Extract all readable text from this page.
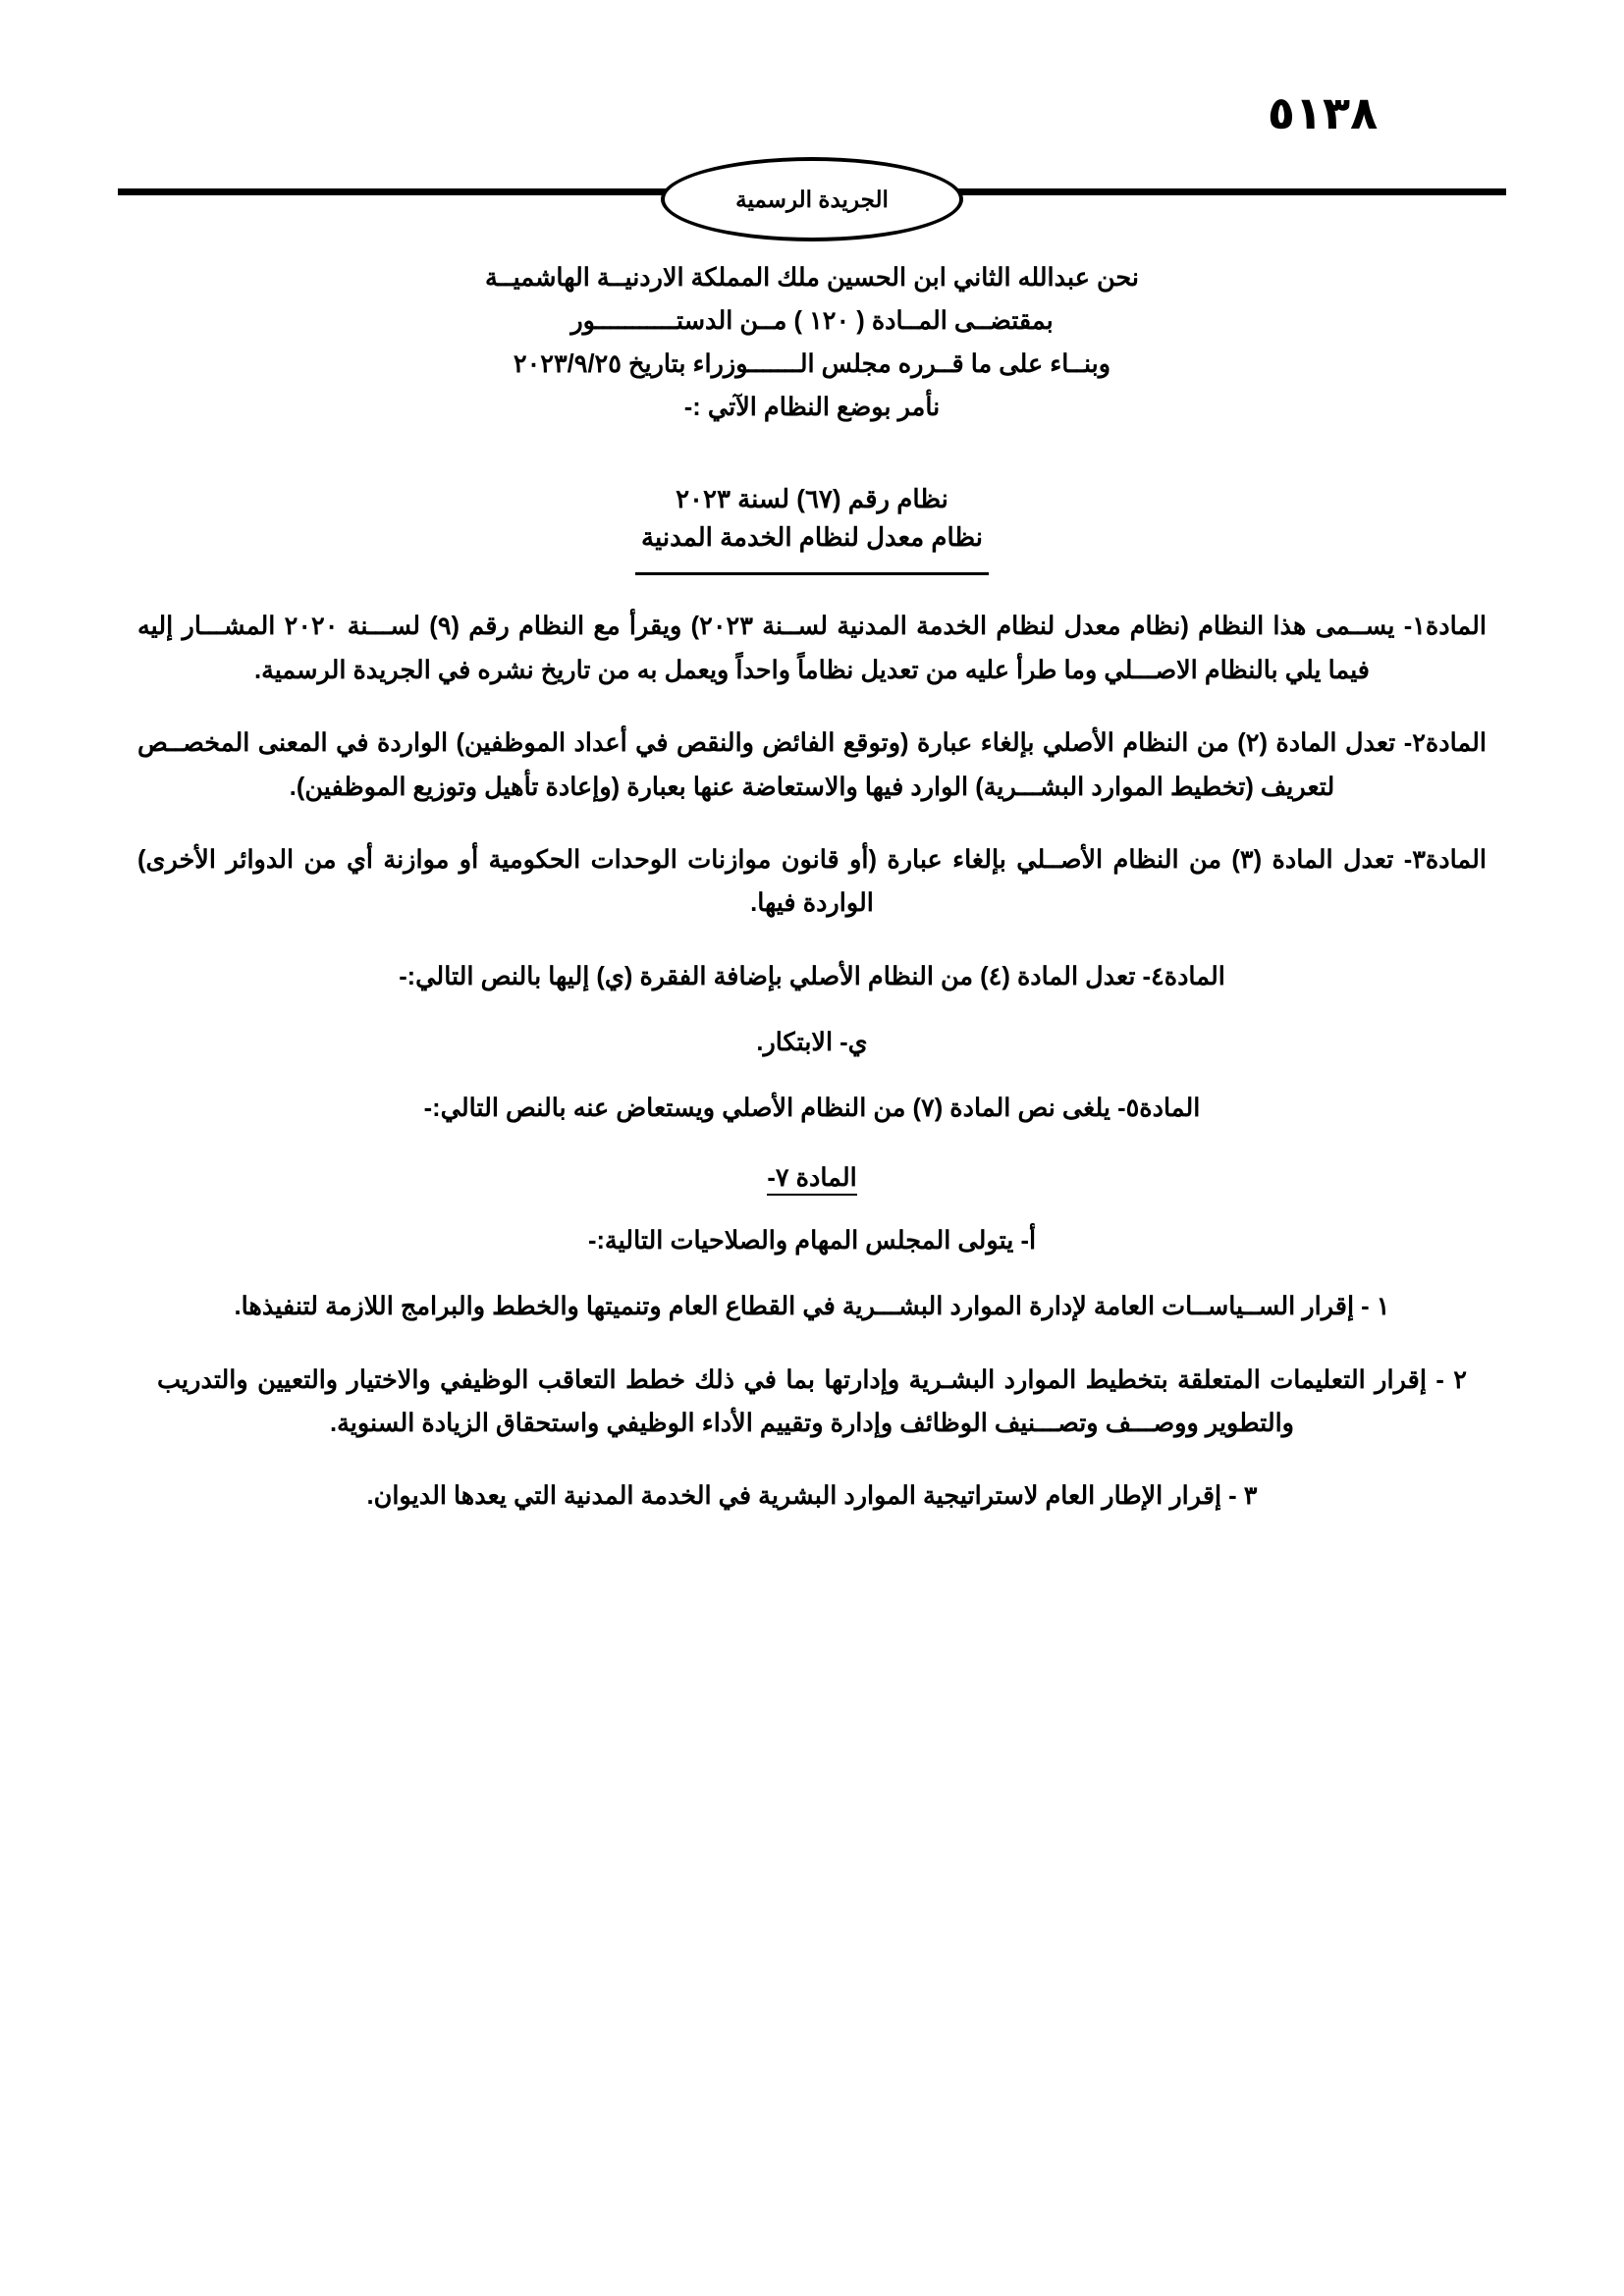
٥١٣٨
الجريدة الرسمية
نحن عبدالله الثاني ابن الحسين ملك المملكة الاردنيــة الهاشميــة
بمقتضــى المــادة ( ١٢٠ ) مــن الدستـــــــــــور
وبنــاء على ما قــرره مجلس الـــــــوزراء بتاريخ ٢٠٢٣/٩/٢٥
نأمر بوضع النظام الآتي :-
نظام رقم (٦٧) لسنة ٢٠٢٣
نظام معدل لنظام الخدمة المدنية
المادة١- يســمى هذا النظام (نظام معدل لنظام الخدمة المدنية لســنة ٢٠٢٣) ويقرأ مع النظام رقم (٩) لســـنة ٢٠٢٠ المشـــار إليه فيما يلي بالنظام الاصـــلي وما طرأ عليه من تعديل نظاماً واحداً ويعمل به من تاريخ نشره في الجريدة الرسمية.
المادة٢- تعدل المادة (٢) من النظام الأصلي بإلغاء عبارة (وتوقع الفائض والنقص في أعداد الموظفين) الواردة في المعنى المخصــص لتعريف (تخطيط الموارد البشـــرية) الوارد فيها والاستعاضة عنها بعبارة (وإعادة تأهيل وتوزيع الموظفين).
المادة٣- تعدل المادة (٣) من النظام الأصــلي بإلغاء عبارة (أو قانون موازنات الوحدات الحكومية أو موازنة أي من الدوائر الأخرى) الواردة فيها.
المادة٤- تعدل المادة (٤) من النظام الأصلي بإضافة الفقرة (ي) إليها بالنص التالي:-
ي- الابتكار.
المادة٥- يلغى نص المادة (٧) من النظام الأصلي ويستعاض عنه بالنص التالي:-
المادة ٧-
أ- يتولى المجلس المهام والصلاحيات التالية:-
١ - إقرار الســياســات العامة لإدارة الموارد البشـــرية في القطاع العام وتنميتها والخطط والبرامج اللازمة لتنفيذها.
٢ - إقرار التعليمات المتعلقة بتخطيط الموارد البشـرية وإدارتها بما في ذلك خطط التعاقب الوظيفي والاختيار والتعيين والتدريب والتطوير ووصـــف وتصـــنيف الوظائف وإدارة وتقييم الأداء الوظيفي واستحقاق الزيادة السنوية.
٣ - إقرار الإطار العام لاستراتيجية الموارد البشرية في الخدمة المدنية التي يعدها الديوان.
